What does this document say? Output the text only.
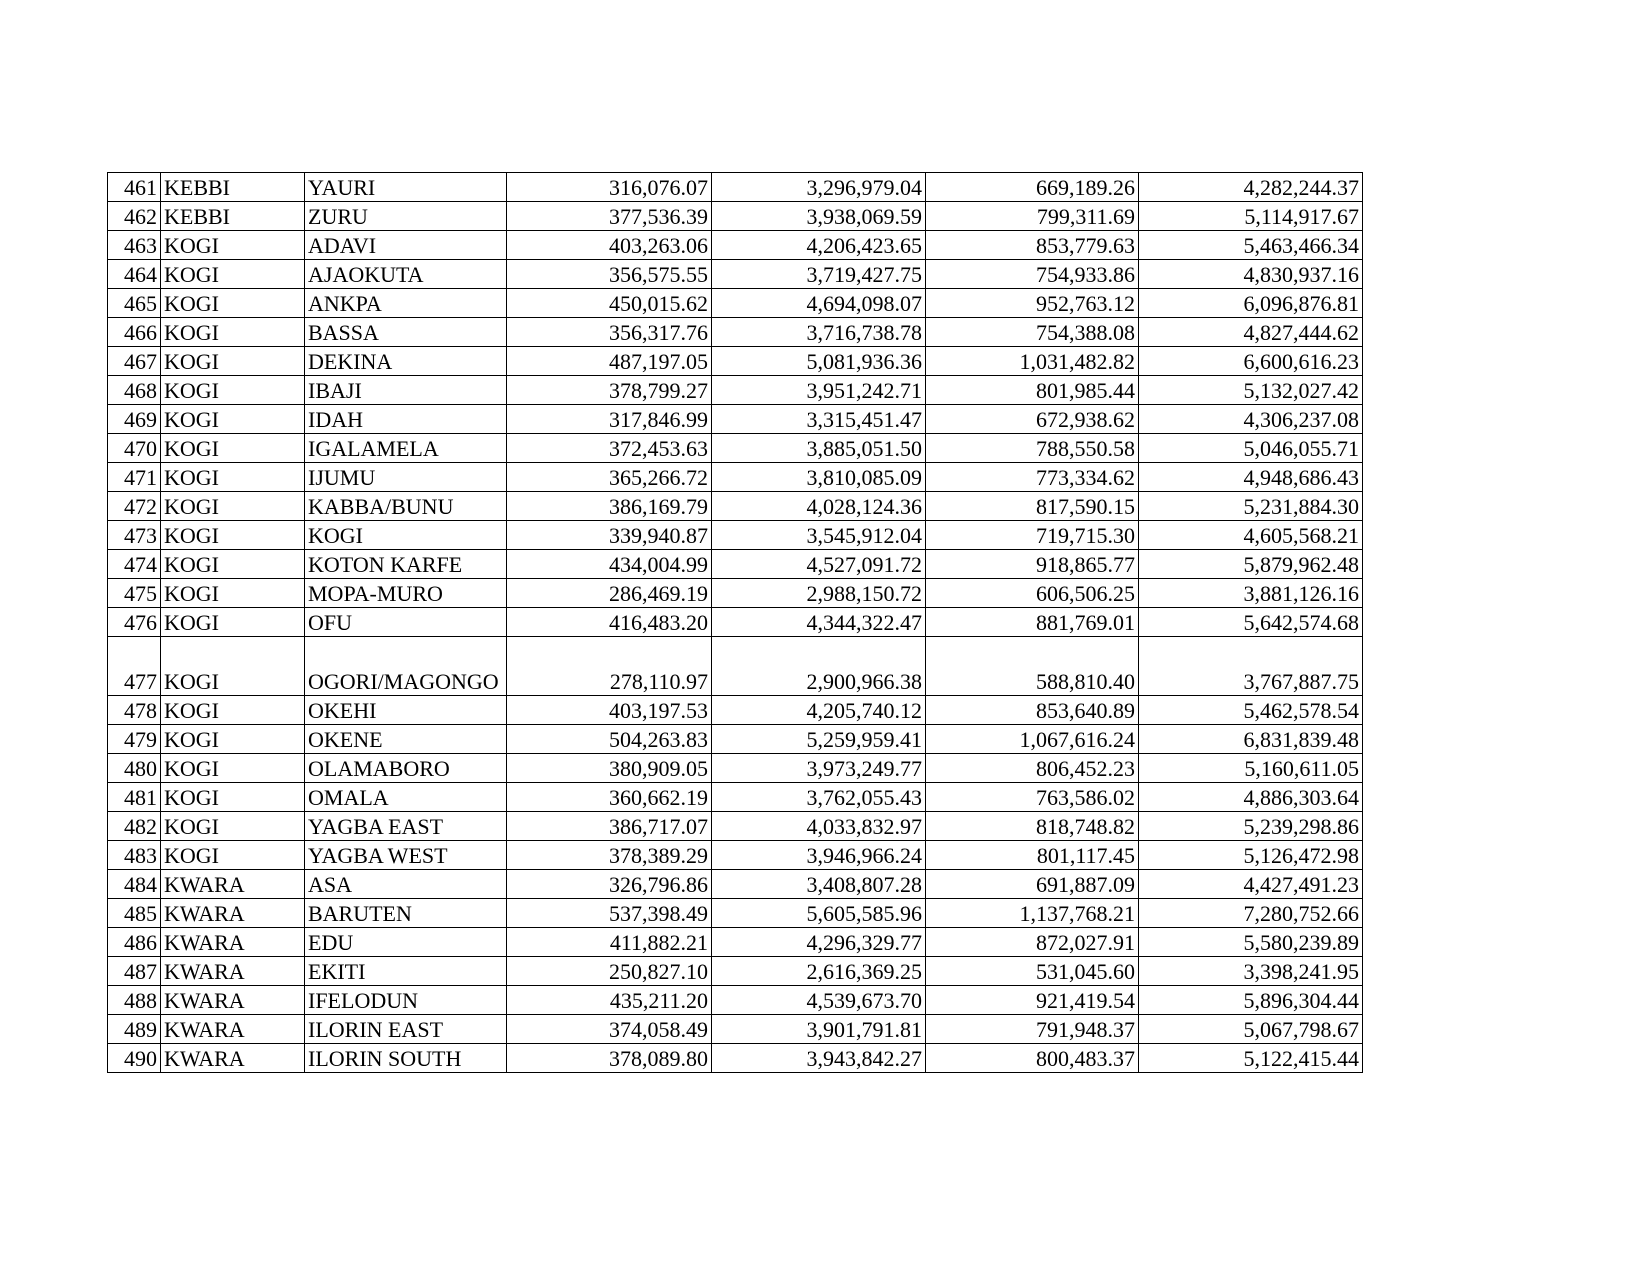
461	KEBBI	YAURI	316,076.07	3,296,979.04	669,189.26	4,282,244.37
462	KEBBI	ZURU	377,536.39	3,938,069.59	799,311.69	5,114,917.67
463	KOGI	ADAVI	403,263.06	4,206,423.65	853,779.63	5,463,466.34
464	KOGI	AJAOKUTA	356,575.55	3,719,427.75	754,933.86	4,830,937.16
465	KOGI	ANKPA	450,015.62	4,694,098.07	952,763.12	6,096,876.81
466	KOGI	BASSA	356,317.76	3,716,738.78	754,388.08	4,827,444.62
467	KOGI	DEKINA	487,197.05	5,081,936.36	1,031,482.82	6,600,616.23
468	KOGI	IBAJI	378,799.27	3,951,242.71	801,985.44	5,132,027.42
469	KOGI	IDAH	317,846.99	3,315,451.47	672,938.62	4,306,237.08
470	KOGI	IGALAMELA	372,453.63	3,885,051.50	788,550.58	5,046,055.71
471	KOGI	IJUMU	365,266.72	3,810,085.09	773,334.62	4,948,686.43
472	KOGI	KABBA/BUNU	386,169.79	4,028,124.36	817,590.15	5,231,884.30
473	KOGI	KOGI	339,940.87	3,545,912.04	719,715.30	4,605,568.21
474	KOGI	KOTON KARFE	434,004.99	4,527,091.72	918,865.77	5,879,962.48
475	KOGI	MOPA-MURO	286,469.19	2,988,150.72	606,506.25	3,881,126.16
476	KOGI	OFU	416,483.20	4,344,322.47	881,769.01	5,642,574.68
477	KOGI	OGORI/MAGONGO	278,110.97	2,900,966.38	588,810.40	3,767,887.75
478	KOGI	OKEHI	403,197.53	4,205,740.12	853,640.89	5,462,578.54
479	KOGI	OKENE	504,263.83	5,259,959.41	1,067,616.24	6,831,839.48
480	KOGI	OLAMABORO	380,909.05	3,973,249.77	806,452.23	5,160,611.05
481	KOGI	OMALA	360,662.19	3,762,055.43	763,586.02	4,886,303.64
482	KOGI	YAGBA EAST	386,717.07	4,033,832.97	818,748.82	5,239,298.86
483	KOGI	YAGBA WEST	378,389.29	3,946,966.24	801,117.45	5,126,472.98
484	KWARA	ASA	326,796.86	3,408,807.28	691,887.09	4,427,491.23
485	KWARA	BARUTEN	537,398.49	5,605,585.96	1,137,768.21	7,280,752.66
486	KWARA	EDU	411,882.21	4,296,329.77	872,027.91	5,580,239.89
487	KWARA	EKITI	250,827.10	2,616,369.25	531,045.60	3,398,241.95
488	KWARA	IFELODUN	435,211.20	4,539,673.70	921,419.54	5,896,304.44
489	KWARA	ILORIN EAST	374,058.49	3,901,791.81	791,948.37	5,067,798.67
490	KWARA	ILORIN SOUTH	378,089.80	3,943,842.27	800,483.37	5,122,415.44
